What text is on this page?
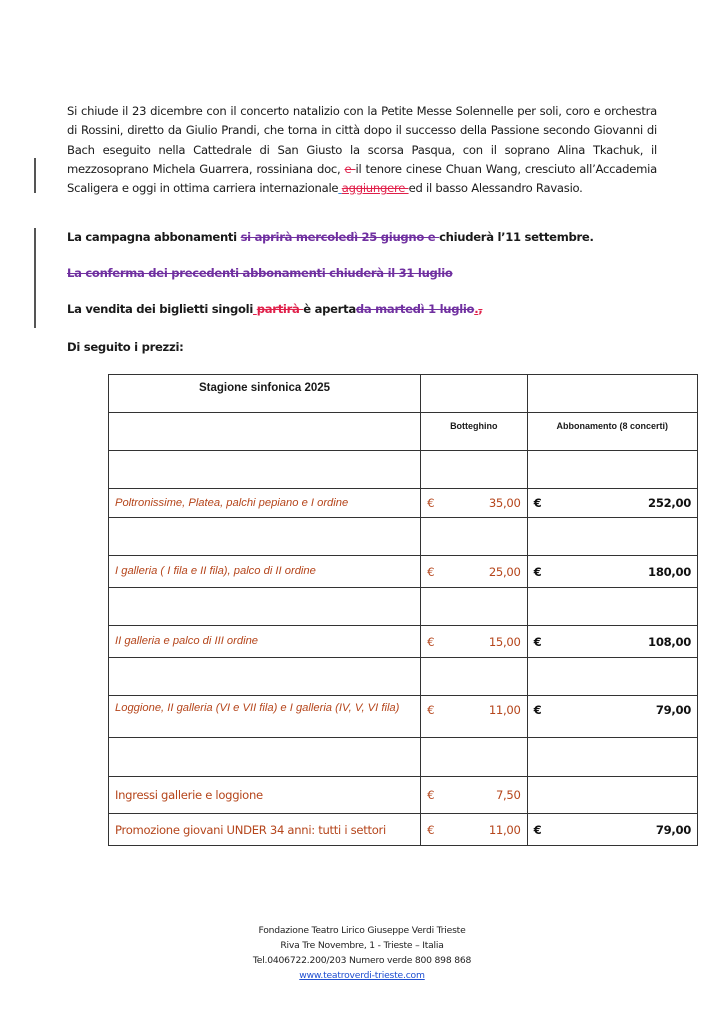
Si chiude il 23 dicembre con il concerto natalizio con la Petite Messe Solennelle per soli, coro e orchestra di Rossini, diretto da Giulio Prandi, che torna in città dopo il successo della Passione secondo Giovanni di Bach eseguito nella Cattedrale di San Giusto la scorsa Pasqua, con il soprano Alina Tkachuk, il mezzosoprano Michela Guarrera, rossiniana doc, e il tenore cinese Chuan Wang, cresciuto all’Accademia Scaligera e oggi in ottima carriera internazionale aggiungere ed il basso Alessandro Ravasio.
La campagna abbonamenti si aprirà mercoledì 25 giugno e chiuderà l’11 settembre.
La conferma dei precedenti abbonamenti chiuderà il 31 luglio
La vendita dei biglietti singoli partirà è apertada martedì 1 luglio.,
Di seguito i prezzi:
Stagione sinfonica 2025		
	Botteghino	Abbonamento (8 concerti)

Poltronissime, Platea, palchi pepiano e I ordine	€ 35,00	€ 252,00

I galleria ( I fila e II fila), palco di II ordine	€ 25,00	€ 180,00

II galleria e palco di III ordine	€ 15,00	€ 108,00

Loggione, II galleria (VI e VII fila) e I galleria (IV, V, VI fila)	€ 11,00	€ 79,00

Ingressi gallerie e loggione	€ 7,50	

Promozione giovani UNDER 34 anni: tutti i settori	€ 11,00	€ 79,00
Fondazione Teatro Lirico Giuseppe Verdi Trieste
Riva Tre Novembre, 1 - Trieste – Italia
Tel.0406722.200/203 Numero verde 800 898 868
www.teatroverdi-trieste.com
